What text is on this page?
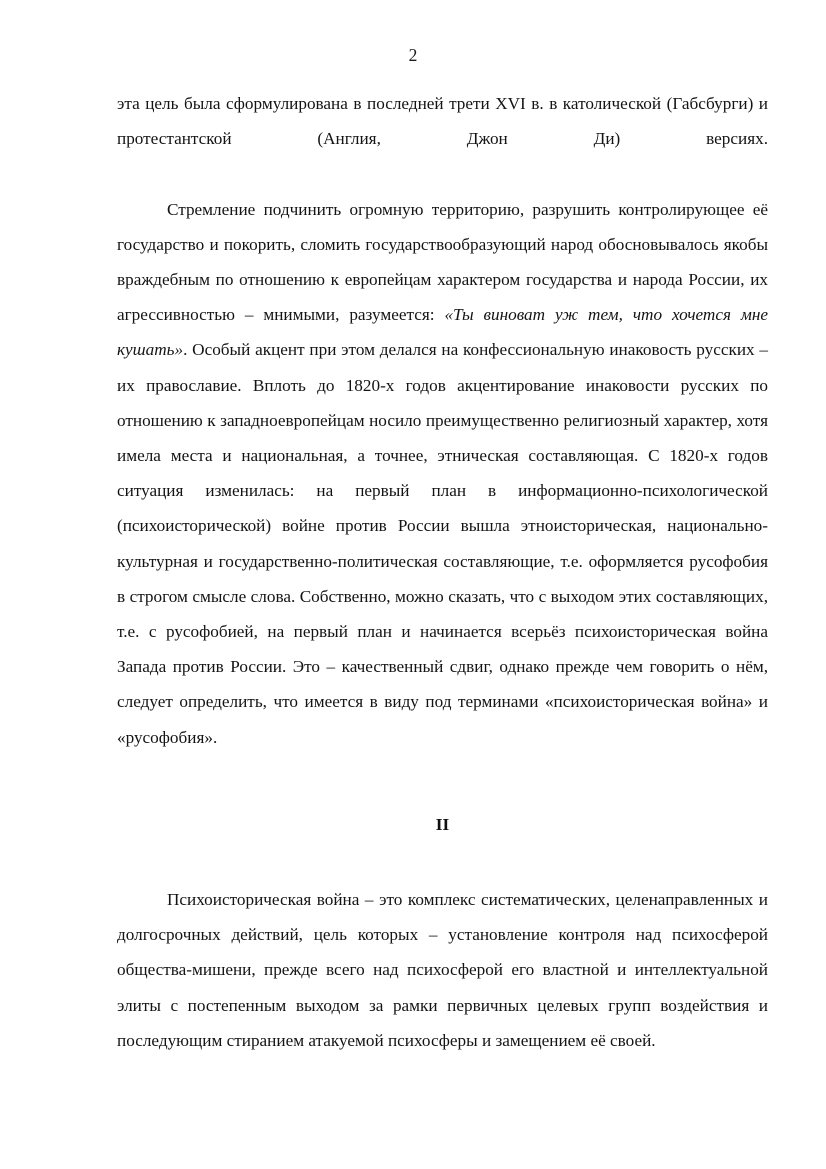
2

эта цель была сформулирована в последней трети XVI в. в католической (Габсбурги) и протестантской (Англия, Джон Ди) версиях.

Стремление подчинить огромную территорию, разрушить контролирующее её государство и покорить, сломить государствообразующий народ обосновывалось якобы враждебным по отношению к европейцам характером государства и народа России, их агрессивностью – мнимыми, разумеется: «Ты виноват уж тем, что хочется мне кушать». Особый акцент при этом делался на конфессиональную инаковость русских – их православие. Вплоть до 1820-х годов акцентирование инаковости русских по отношению к западноевропейцам носило преимущественно религиозный характер, хотя имела места и национальная, а точнее, этническая составляющая. С 1820-х годов ситуация изменилась: на первый план в информационно-психологической (психоисторической) войне против России вышла этноисторическая, национально-культурная и государственно-политическая составляющие, т.е. оформляется русофобия в строгом смысле слова. Собственно, можно сказать, что с выходом этих составляющих, т.е. с русофобией, на первый план и начинается всерьёз психоисторическая война Запада против России. Это – качественный сдвиг, однако прежде чем говорить о нём, следует определить, что имеется в виду под терминами «психоисторическая война» и «русофобия».

II

Психоисторическая война – это комплекс систематических, целенаправленных и долгосрочных действий, цель которых – установление контроля над психосферой общества-мишени, прежде всего над психосферой его властной и интеллектуальной элиты с постепенным выходом за рамки первичных целевых групп воздействия и последующим стиранием атакуемой психосферы и замещением её своей.
